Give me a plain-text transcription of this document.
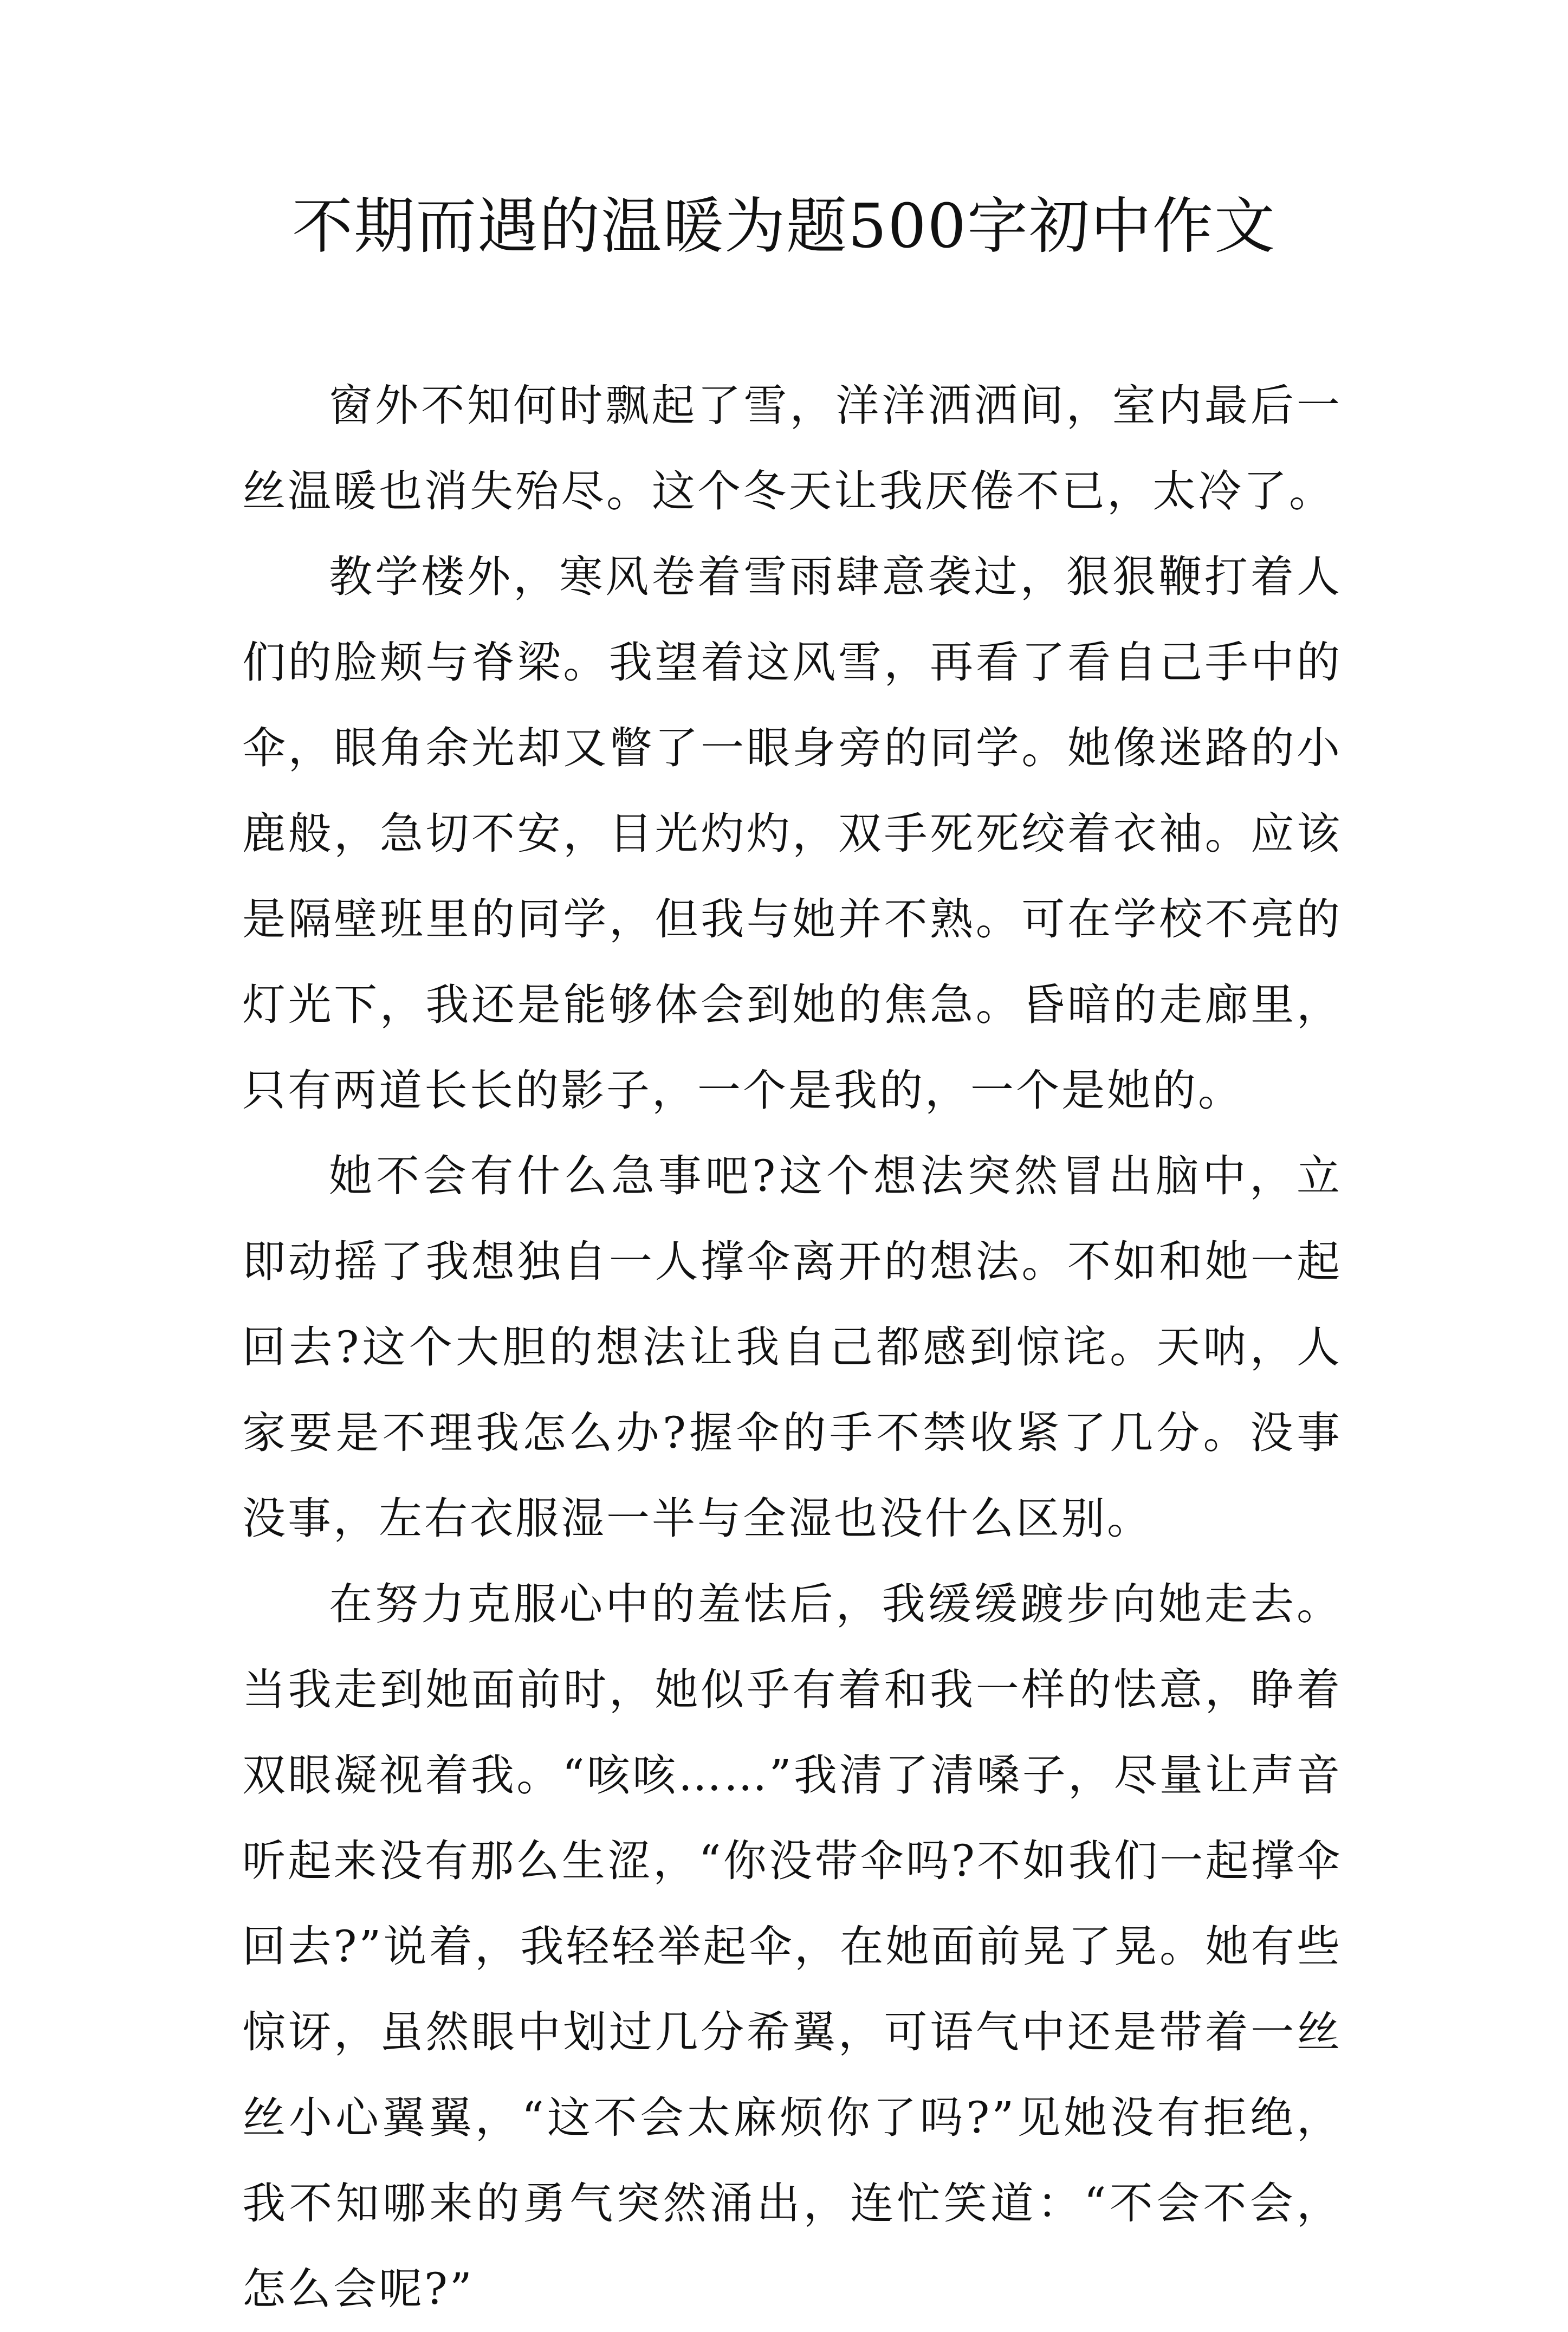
不期而遇的温暖为题500字初中作文

窗外不知何时飘起了雪，洋洋洒洒间，室内最后一丝温暖也消失殆尽。这个冬天让我厌倦不已，太冷了。

教学楼外，寒风卷着雪雨肆意袭过，狠狠鞭打着人们的脸颊与脊梁。我望着这风雪，再看了看自己手中的伞，眼角余光却又瞥了一眼身旁的同学。她像迷路的小鹿般，急切不安，目光灼灼，双手死死绞着衣袖。应该是隔壁班里的同学，但我与她并不熟。可在学校不亮的灯光下，我还是能够体会到她的焦急。昏暗的走廊里，只有两道长长的影子，一个是我的，一个是她的。

她不会有什么急事吧?这个想法突然冒出脑中，立即动摇了我想独自一人撑伞离开的想法。不如和她一起回去?这个大胆的想法让我自己都感到惊诧。天呐，人家要是不理我怎么办?握伞的手不禁收紧了几分。没事没事，左右衣服湿一半与全湿也没什么区别。

在努力克服心中的羞怯后，我缓缓踱步向她走去。当我走到她面前时，她似乎有着和我一样的怯意，睁着双眼凝视着我。“咳咳……”我清了清嗓子，尽量让声音听起来没有那么生涩，“你没带伞吗?不如我们一起撑伞回去?”说着，我轻轻举起伞，在她面前晃了晃。她有些惊讶，虽然眼中划过几分希翼，可语气中还是带着一丝丝小心翼翼，“这不会太麻烦你了吗?”见她没有拒绝，我不知哪来的勇气突然涌出，连忙笑道：“不会不会，怎么会呢?”
